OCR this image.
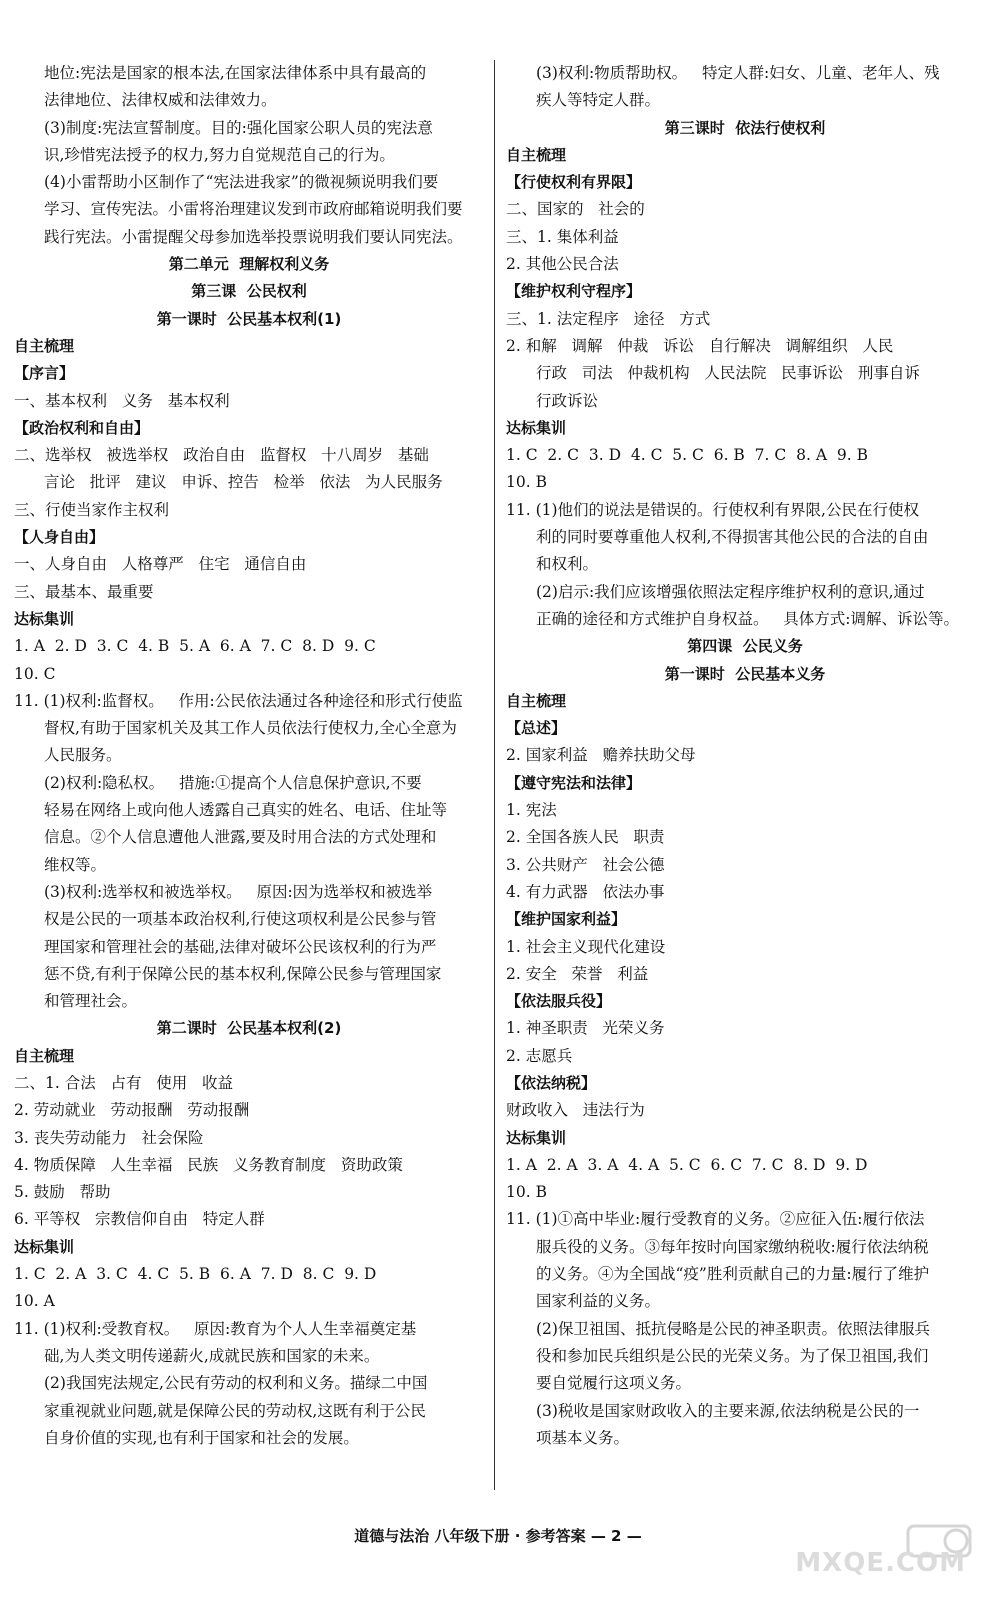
地位:宪法是国家的根本法,在国家法律体系中具有最高的
法律地位、法律权威和法律效力。
(3)制度:宪法宣誓制度。目的:强化国家公职人员的宪法意
识,珍惜宪法授予的权力,努力自觉规范自己的行为。
(4)小雷帮助小区制作了“宪法进我家”的微视频说明我们要
学习、宣传宪法。小雷将治理建议发到市政府邮箱说明我们要
践行宪法。小雷提醒父母参加选举投票说明我们要认同宪法。
第二单元  理解权利义务
第三课  公民权利
第一课时  公民基本权利(1)
自主梳理
【序言】
一、基本权利   义务   基本权利
【政治权利和自由】
二、选举权   被选举权   政治自由   监督权   十八周岁   基础
言论   批评   建议   申诉、控告   检举   依法   为人民服务
三、行使当家作主权利
【人身自由】
一、人身自由   人格尊严   住宅   通信自由
三、最基本、最重要
达标集训
1. A  2. D  3. C  4. B  5. A  6. A  7. C  8. D  9. C
10. C
11. (1)权利:监督权。   作用:公民依法通过各种途径和形式行使监
督权,有助于国家机关及其工作人员依法行使权力,全心全意为
人民服务。
(2)权利:隐私权。   措施:①提高个人信息保护意识,不要
轻易在网络上或向他人透露自己真实的姓名、电话、住址等
信息。②个人信息遭他人泄露,要及时用合法的方式处理和
维权等。
(3)权利:选举权和被选举权。   原因:因为选举权和被选举
权是公民的一项基本政治权利,行使这项权利是公民参与管
理国家和管理社会的基础,法律对破坏公民该权利的行为严
惩不贷,有利于保障公民的基本权利,保障公民参与管理国家
和管理社会。
第二课时  公民基本权利(2)
自主梳理
二、1. 合法   占有   使用   收益
2. 劳动就业   劳动报酬   劳动报酬
3. 丧失劳动能力   社会保险
4. 物质保障   人生幸福   民族   义务教育制度   资助政策
5. 鼓励   帮助
6. 平等权   宗教信仰自由   特定人群
达标集训
1. C  2. A  3. C  4. C  5. B  6. A  7. D  8. C  9. D
10. A
11. (1)权利:受教育权。   原因:教育为个人人生幸福奠定基
础,为人类文明传递薪火,成就民族和国家的未来。
(2)我国宪法规定,公民有劳动的权利和义务。描绿二中国
家重视就业问题,就是保障公民的劳动权,这既有利于公民
自身价值的实现,也有利于国家和社会的发展。
(3)权利:物质帮助权。   特定人群:妇女、儿童、老年人、残
疾人等特定人群。
第三课时  依法行使权利
自主梳理
【行使权利有界限】
二、国家的   社会的
三、1. 集体利益
2. 其他公民合法
【维护权利守程序】
三、1. 法定程序   途径   方式
2. 和解   调解   仲裁   诉讼   自行解决   调解组织   人民
行政   司法   仲裁机构   人民法院   民事诉讼   刑事自诉
行政诉讼
达标集训
1. C  2. C  3. D  4. C  5. C  6. B  7. C  8. A  9. B
10. B
11. (1)他们的说法是错误的。行使权利有界限,公民在行使权
利的同时要尊重他人权利,不得损害其他公民的合法的自由
和权利。
(2)启示:我们应该增强依照法定程序维护权利的意识,通过
正确的途径和方式维护自身权益。   具体方式:调解、诉讼等。
第四课  公民义务
第一课时  公民基本义务
自主梳理
【总述】
2. 国家利益   赡养扶助父母
【遵守宪法和法律】
1. 宪法
2. 全国各族人民   职责
3. 公共财产   社会公德
4. 有力武器   依法办事
【维护国家利益】
1. 社会主义现代化建设
2. 安全   荣誉   利益
【依法服兵役】
1. 神圣职责   光荣义务
2. 志愿兵
【依法纳税】
财政收入   违法行为
达标集训
1. A  2. A  3. A  4. A  5. C  6. C  7. C  8. D  9. D
10. B
11. (1)①高中毕业:履行受教育的义务。②应征入伍:履行依法
服兵役的义务。③每年按时向国家缴纳税收:履行依法纳税
的义务。④为全国战“疫”胜利贡献自己的力量:履行了维护
国家利益的义务。
(2)保卫祖国、抵抗侵略是公民的神圣职责。依照法律服兵
役和参加民兵组织是公民的光荣义务。为了保卫祖国,我们
要自觉履行这项义务。
(3)税收是国家财政收入的主要来源,依法纳税是公民的一
项基本义务。
道德与法治 八年级下册 · 参考答案 — 2 —
MXQE.COM
